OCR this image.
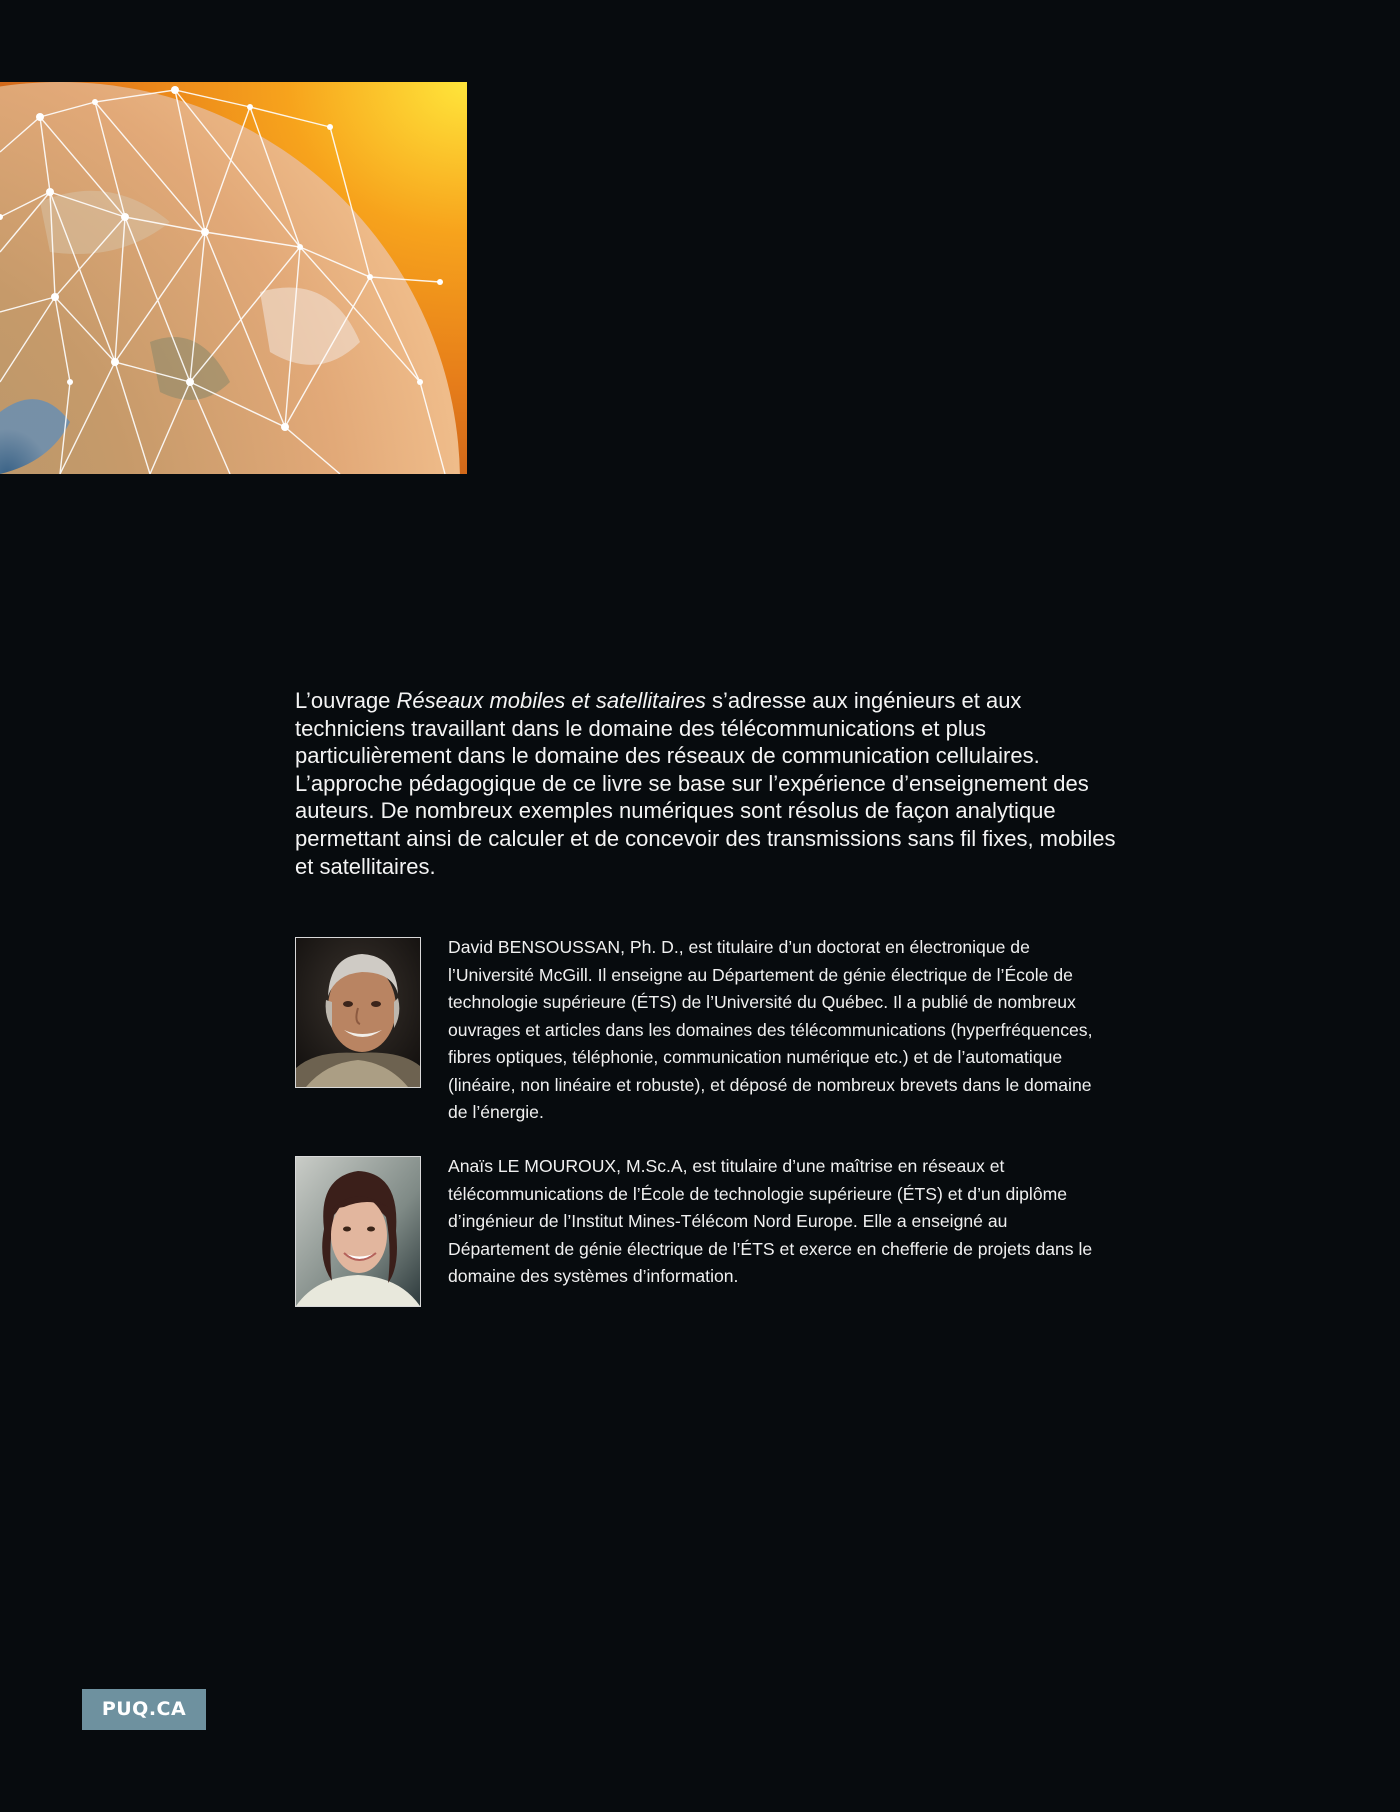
L’ouvrage Réseaux mobiles et satellitaires s’adresse aux ingénieurs et aux techniciens travaillant dans le domaine des télécommunications et plus particulièrement dans le domaine des réseaux de communication cellulaires. L’approche pédagogique de ce livre se base sur l’expérience d’enseignement des auteurs. De nombreux exemples numériques sont résolus de façon analytique permettant ainsi de calculer et de concevoir des transmissions sans fil fixes, mobiles et satellitaires.

David BENSOUSSAN, Ph. D., est titulaire d’un doctorat en électronique de l’Université McGill. Il enseigne au Département de génie électrique de l’École de technologie supérieure (ÉTS) de l’Université du Québec. Il a publié de nombreux ouvrages et articles dans les domaines des télécommunications (hyperfréquences, fibres optiques, téléphonie, communication numérique etc.) et de l’automatique (linéaire, non linéaire et robuste), et déposé de nombreux brevets dans le domaine de l’énergie.

Anaïs LE MOUROUX, M.Sc.A, est titulaire d’une maîtrise en réseaux et télécommunications de l’École de technologie supérieure (ÉTS) et d’un diplôme d’ingénieur de l’Institut Mines-Télécom Nord Europe. Elle a enseigné au Département de génie électrique de l’ÉTS et exerce en chefferie de projets dans le domaine des systèmes d’information.

PUQ.CA
